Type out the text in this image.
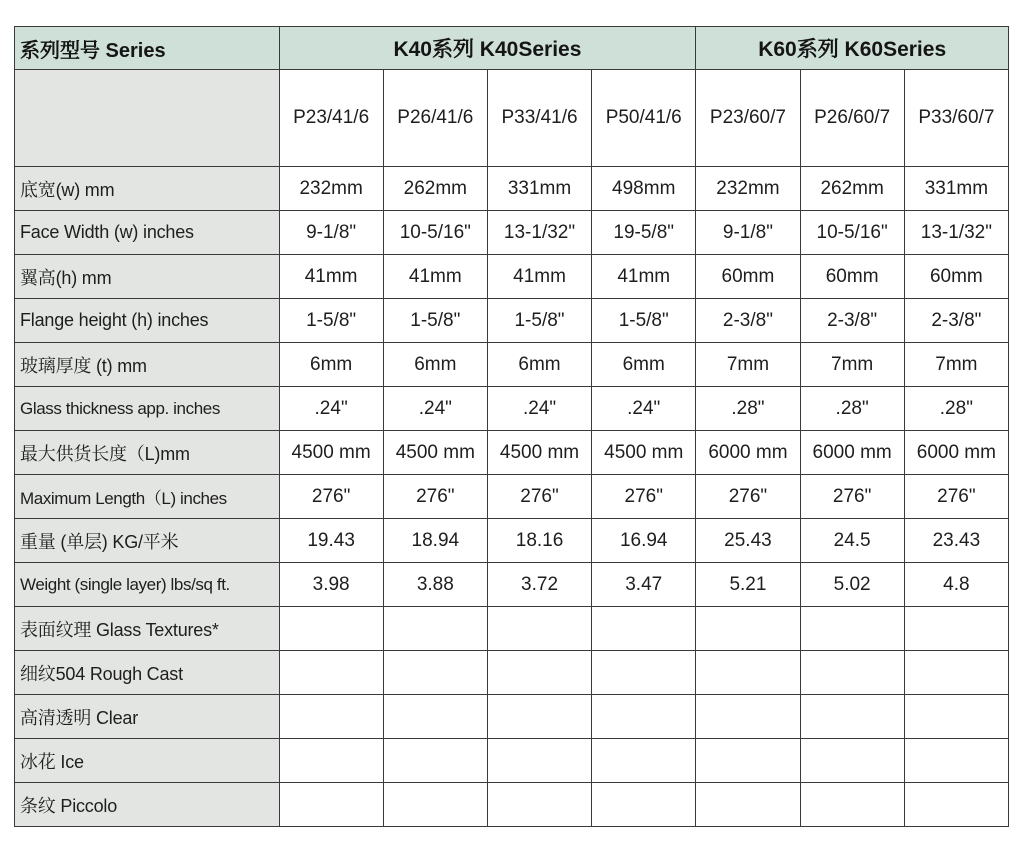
系列型号 Series	K40系列 K40Series				K60系列 K60Series		
	P23/41/6	P26/41/6	P33/41/6	P50/41/6	P23/60/7	P26/60/7	P33/60/7
底宽(w) mm	232mm	262mm	331mm	498mm	232mm	262mm	331mm
Face Width (w) inches	9-1/8"	10-5/16"	13-1/32"	19-5/8"	9-1/8"	10-5/16"	13-1/32"
翼高(h) mm	41mm	41mm	41mm	41mm	60mm	60mm	60mm
Flange height (h) inches	1-5/8"	1-5/8"	1-5/8"	1-5/8"	2-3/8"	2-3/8"	2-3/8"
玻璃厚度 (t) mm	6mm	6mm	6mm	6mm	7mm	7mm	7mm
Glass thickness app. inches	.24"	.24"	.24"	.24"	.28"	.28"	.28"
最大供货长度（L)mm	4500 mm	4500 mm	4500 mm	4500 mm	6000 mm	6000 mm	6000 mm
Maximum Length（L) inches	276"	276"	276"	276"	276"	276"	276"
重量 (单层) KG/平米	19.43	18.94	18.16	16.94	25.43	24.5	23.43
Weight (single layer) lbs/sq ft.	3.98	3.88	3.72	3.47	5.21	5.02	4.8
表面纹理 Glass Textures*							
细纹504 Rough Cast							
高清透明 Clear							
冰花 Ice							
条纹 Piccolo							
